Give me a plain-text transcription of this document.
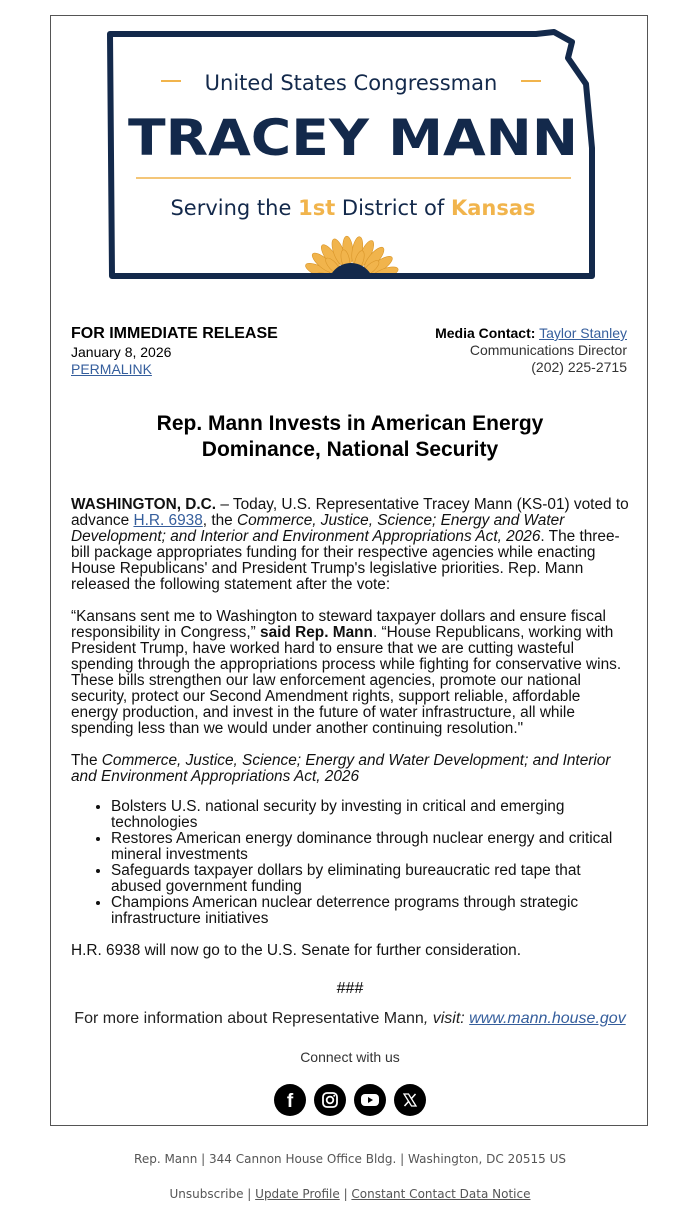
United States Congressman
TRACEY MANN
Serving the 1st District of Kansas
FOR IMMEDIATE RELEASE
January 8, 2026
PERMALINK
Media Contact: Taylor Stanley
Communications Director
(202) 225-2715
Rep. Mann Invests in American Energy Dominance, National Security

WASHINGTON, D.C. – Today, U.S. Representative Tracey Mann (KS-01) voted to advance H.R. 6938, the Commerce, Justice, Science; Energy and Water Development; and Interior and Environment Appropriations Act, 2026. The three-bill package appropriates funding for their respective agencies while enacting House Republicans' and President Trump's legislative priorities. Rep. Mann released the following statement after the vote:

“Kansans sent me to Washington to steward taxpayer dollars and ensure fiscal responsibility in Congress,” said Rep. Mann. “House Republicans, working with President Trump, have worked hard to ensure that we are cutting wasteful spending through the appropriations process while fighting for conservative wins. These bills strengthen our law enforcement agencies, promote our national security, protect our Second Amendment rights, support reliable, affordable energy production, and invest in the future of water infrastructure, all while spending less than we would under another continuing resolution."

The Commerce, Justice, Science; Energy and Water Development; and Interior and Environment Appropriations Act, 2026

• Bolsters U.S. national security by investing in critical and emerging technologies
• Restores American energy dominance through nuclear energy and critical mineral investments
• Safeguards taxpayer dollars by eliminating bureaucratic red tape that abused government funding
• Champions American nuclear deterrence programs through strategic infrastructure initiatives

H.R. 6938 will now go to the U.S. Senate for further consideration.

###
For more information about Representative Mann, visit: www.mann.house.gov
Connect with us
f
Rep. Mann | 344 Cannon House Office Bldg. | Washington, DC 20515 US
Unsubscribe | Update Profile | Constant Contact Data Notice
